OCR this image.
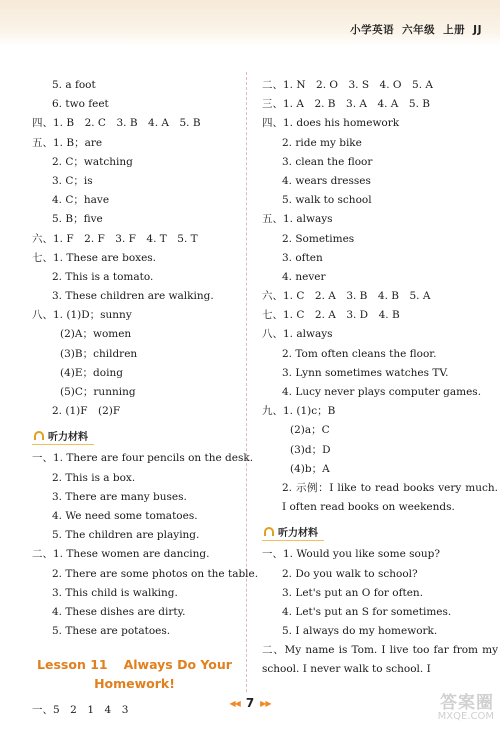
小学英语 六年级 上册 JJ
5. a foot
6. two feet
四、1. B　2. C　3. B　4. A　5. B
五、1. B；are
2. C；watching
3. C；is
4. C；have
5. B；five
六、1. F　2. F　3. F　4. T　5. T
七、1. These are boxes.
2. This is a tomato.
3. These children are walking.
八、1. (1)D；sunny
(2)A；women
(3)B；children
(4)E；doing
(5)C；running
2. (1)F　(2)F
听力材料
一、1. There are four pencils on the desk.
2. This is a box.
3. There are many buses.
4. We need some tomatoes.
5. The children are playing.
二、1. These women are dancing.
2. There are some photos on the table.
3. This child is walking.
4. These dishes are dirty.
5. These are potatoes.
Lesson 11 Always Do Your
Homework!
一、5　2　1　4　3
二、1. N　2. O　3. S　4. O　5. A
三、1. A　2. B　3. A　4. A　5. B
四、1. does his homework
2. ride my bike
3. clean the floor
4. wears dresses
5. walk to school
五、1. always
2. Sometimes
3. often
4. never
六、1. C　2. A　3. B　4. B　5. A
七、1. C　2. A　3. D　4. B
八、1. always
2. Tom often cleans the floor.
3. Lynn sometimes watches TV.
4. Lucy never plays computer games.
九、1. (1)c；B
(2)a；C
(3)d；D
(4)b；A
2. 示例：I like to read books very much. I often read books on weekends.
听力材料
一、1. Would you like some soup?
2. Do you walk to school?
3. Let's put an O for often.
4. Let's put an S for sometimes.
5. I always do my homework.
二、My name is Tom. I live too far from my school. I never walk to school. I
◀◀ 7 ▶▶	答案圈
MXQE.COM
